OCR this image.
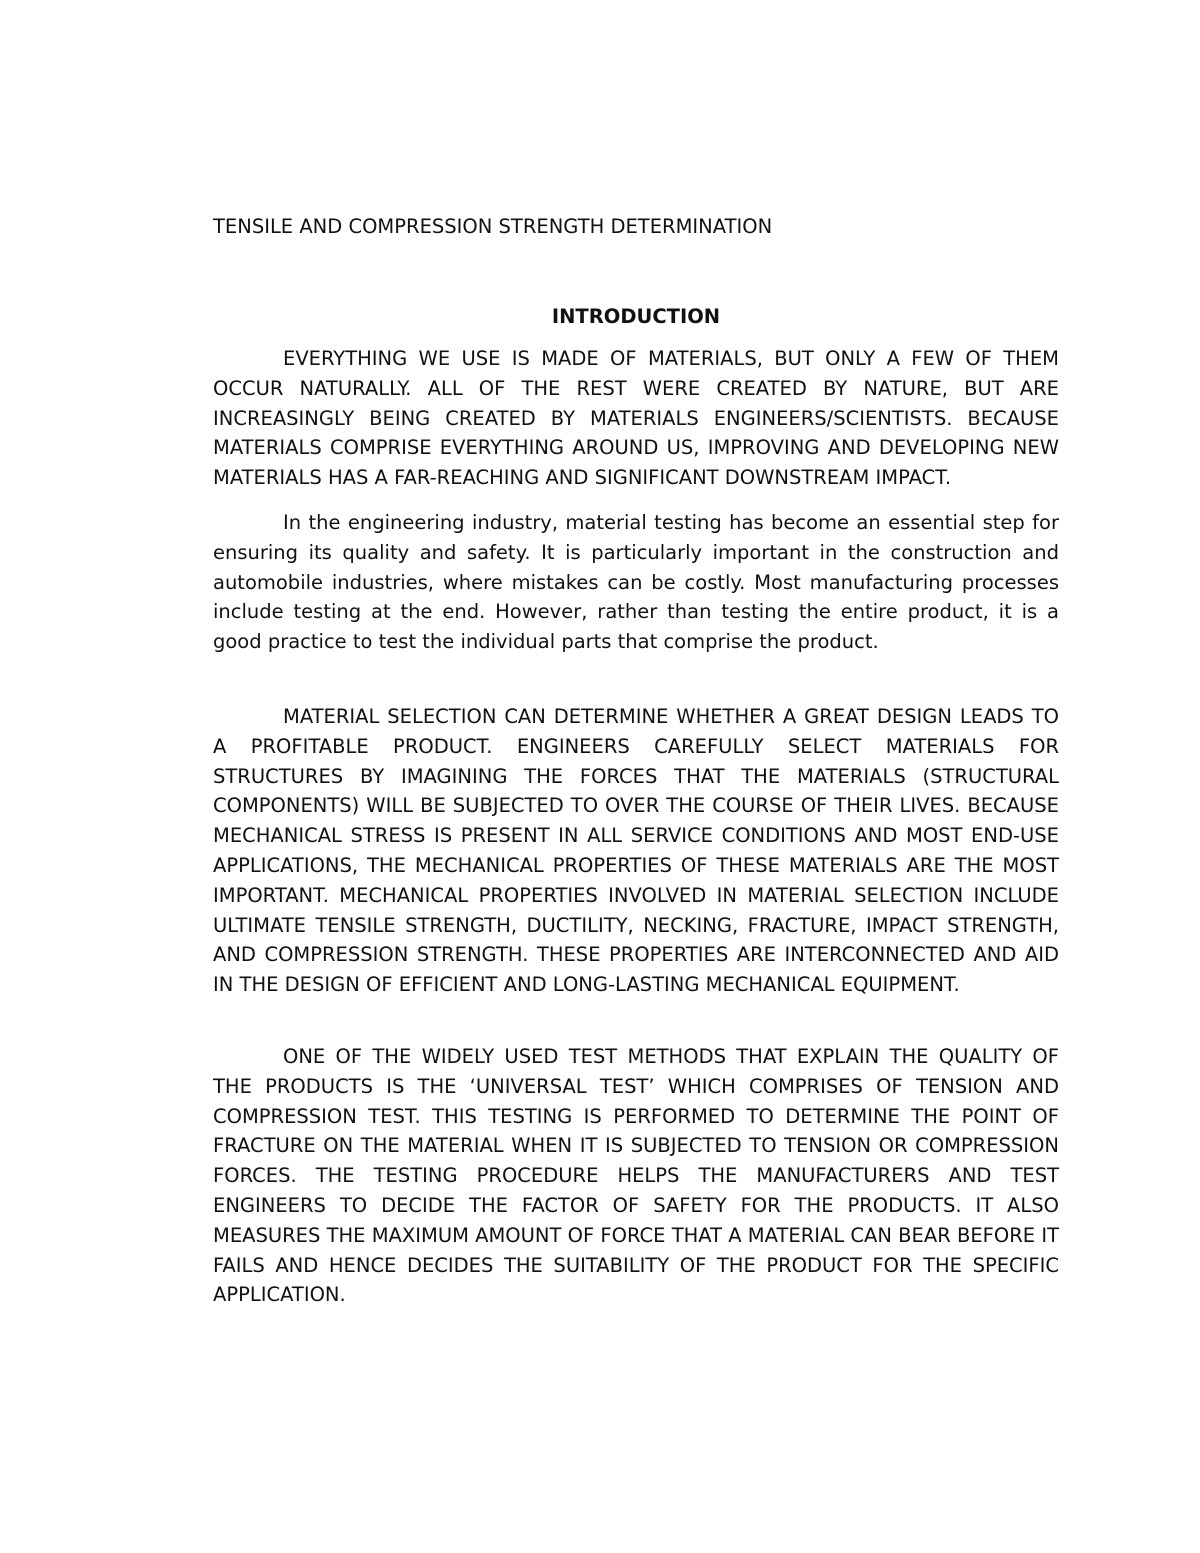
TENSILE AND COMPRESSION STRENGTH DETERMINATION
INTRODUCTION

EVERYTHING WE USE IS MADE OF MATERIALS, BUT ONLY A FEW OF THEM OCCUR NATURALLY. ALL OF THE REST WERE CREATED BY NATURE, BUT ARE INCREASINGLY BEING CREATED BY MATERIALS ENGINEERS/SCIENTISTS. BECAUSE MATERIALS COMPRISE EVERYTHING AROUND US, IMPROVING AND DEVELOPING NEW MATERIALS HAS A FAR-REACHING AND SIGNIFICANT DOWNSTREAM IMPACT.

In the engineering industry, material testing has become an essential step for ensuring its quality and safety. It is particularly important in the construction and automobile industries, where mistakes can be costly. Most manufacturing processes include testing at the end. However, rather than testing the entire product, it is a good practice to test the individual parts that comprise the product.

MATERIAL SELECTION CAN DETERMINE WHETHER A GREAT DESIGN LEADS TO A PROFITABLE PRODUCT. ENGINEERS CAREFULLY SELECT MATERIALS FOR STRUCTURES BY IMAGINING THE FORCES THAT THE MATERIALS (STRUCTURAL COMPONENTS) WILL BE SUBJECTED TO OVER THE COURSE OF THEIR LIVES. BECAUSE MECHANICAL STRESS IS PRESENT IN ALL SERVICE CONDITIONS AND MOST END-USE APPLICATIONS, THE MECHANICAL PROPERTIES OF THESE MATERIALS ARE THE MOST IMPORTANT. MECHANICAL PROPERTIES INVOLVED IN MATERIAL SELECTION INCLUDE ULTIMATE TENSILE STRENGTH, DUCTILITY, NECKING, FRACTURE, IMPACT STRENGTH, AND COMPRESSION STRENGTH. THESE PROPERTIES ARE INTERCONNECTED AND AID IN THE DESIGN OF EFFICIENT AND LONG-LASTING MECHANICAL EQUIPMENT.

ONE OF THE WIDELY USED TEST METHODS THAT EXPLAIN THE QUALITY OF THE PRODUCTS IS THE ‘UNIVERSAL TEST’ WHICH COMPRISES OF TENSION AND COMPRESSION TEST. THIS TESTING IS PERFORMED TO DETERMINE THE POINT OF FRACTURE ON THE MATERIAL WHEN IT IS SUBJECTED TO TENSION OR COMPRESSION FORCES. THE TESTING PROCEDURE HELPS THE MANUFACTURERS AND TEST ENGINEERS TO DECIDE THE FACTOR OF SAFETY FOR THE PRODUCTS. IT ALSO MEASURES THE MAXIMUM AMOUNT OF FORCE THAT A MATERIAL CAN BEAR BEFORE IT FAILS AND HENCE DECIDES THE SUITABILITY OF THE PRODUCT FOR THE SPECIFIC APPLICATION.
